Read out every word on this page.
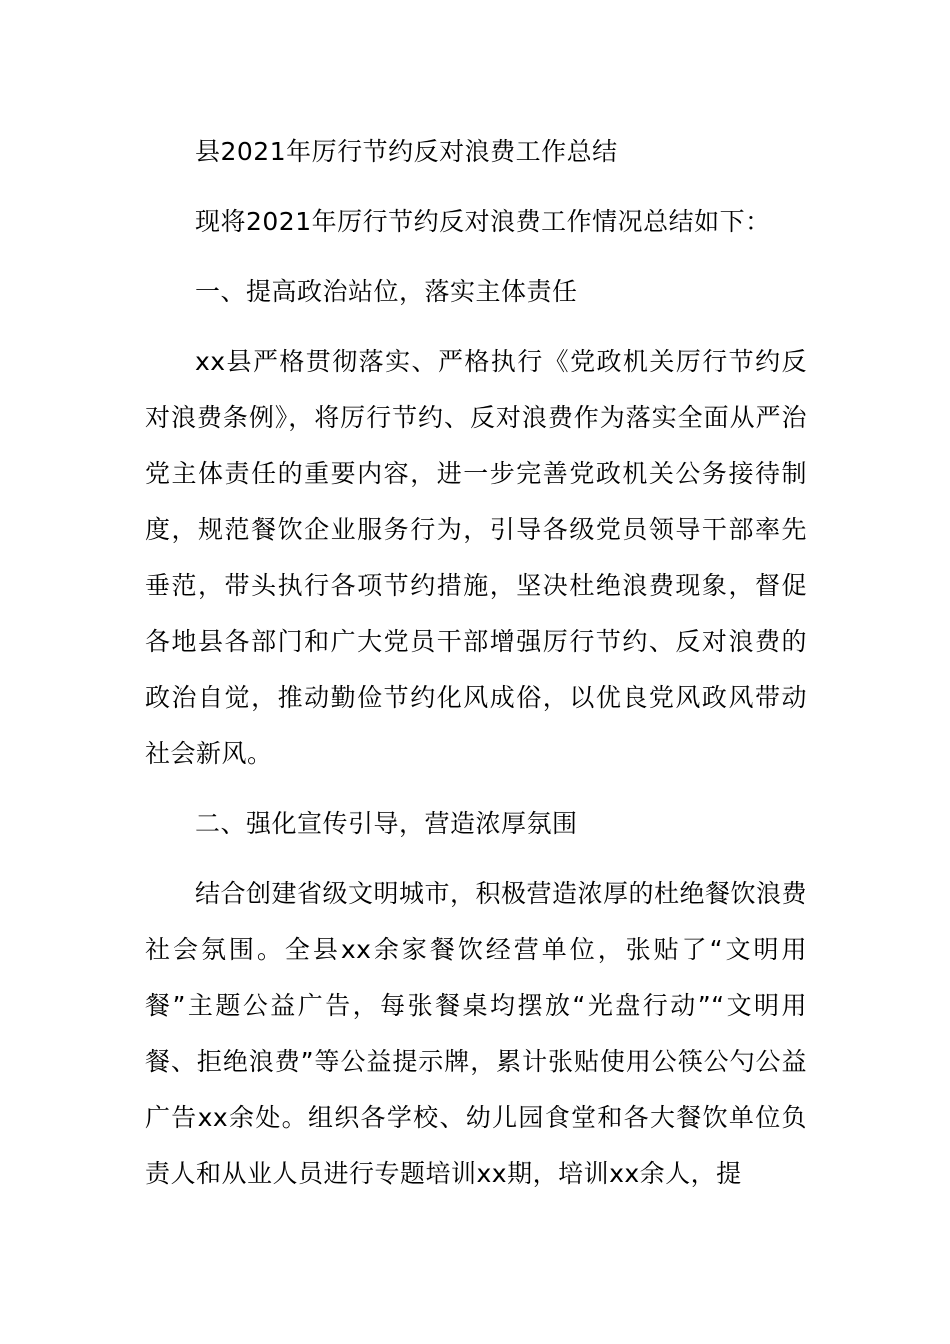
县2021年厉行节约反对浪费工作总结

现将2021年厉行节约反对浪费工作情况总结如下：

一、提高政治站位，落实主体责任

xx县严格贯彻落实、严格执行《党政机关厉行节约反对浪费条例》，将厉行节约、反对浪费作为落实全面从严治党主体责任的重要内容，进一步完善党政机关公务接待制度，规范餐饮企业服务行为，引导各级党员领导干部率先垂范，带头执行各项节约措施，坚决杜绝浪费现象，督促各地县各部门和广大党员干部增强厉行节约、反对浪费的政治自觉，推动勤俭节约化风成俗，以优良党风政风带动社会新风。

二、强化宣传引导，营造浓厚氛围

结合创建省级文明城市，积极营造浓厚的杜绝餐饮浪费社会氛围。全县xx余家餐饮经营单位，张贴了“文明用餐”主题公益广告，每张餐桌均摆放“光盘行动”“文明用餐、拒绝浪费”等公益提示牌，累计张贴使用公筷公勺公益广告xx余处。组织各学校、幼儿园食堂和各大餐饮单位负责人和从业人员进行专题培训xx期，培训xx余人，提
